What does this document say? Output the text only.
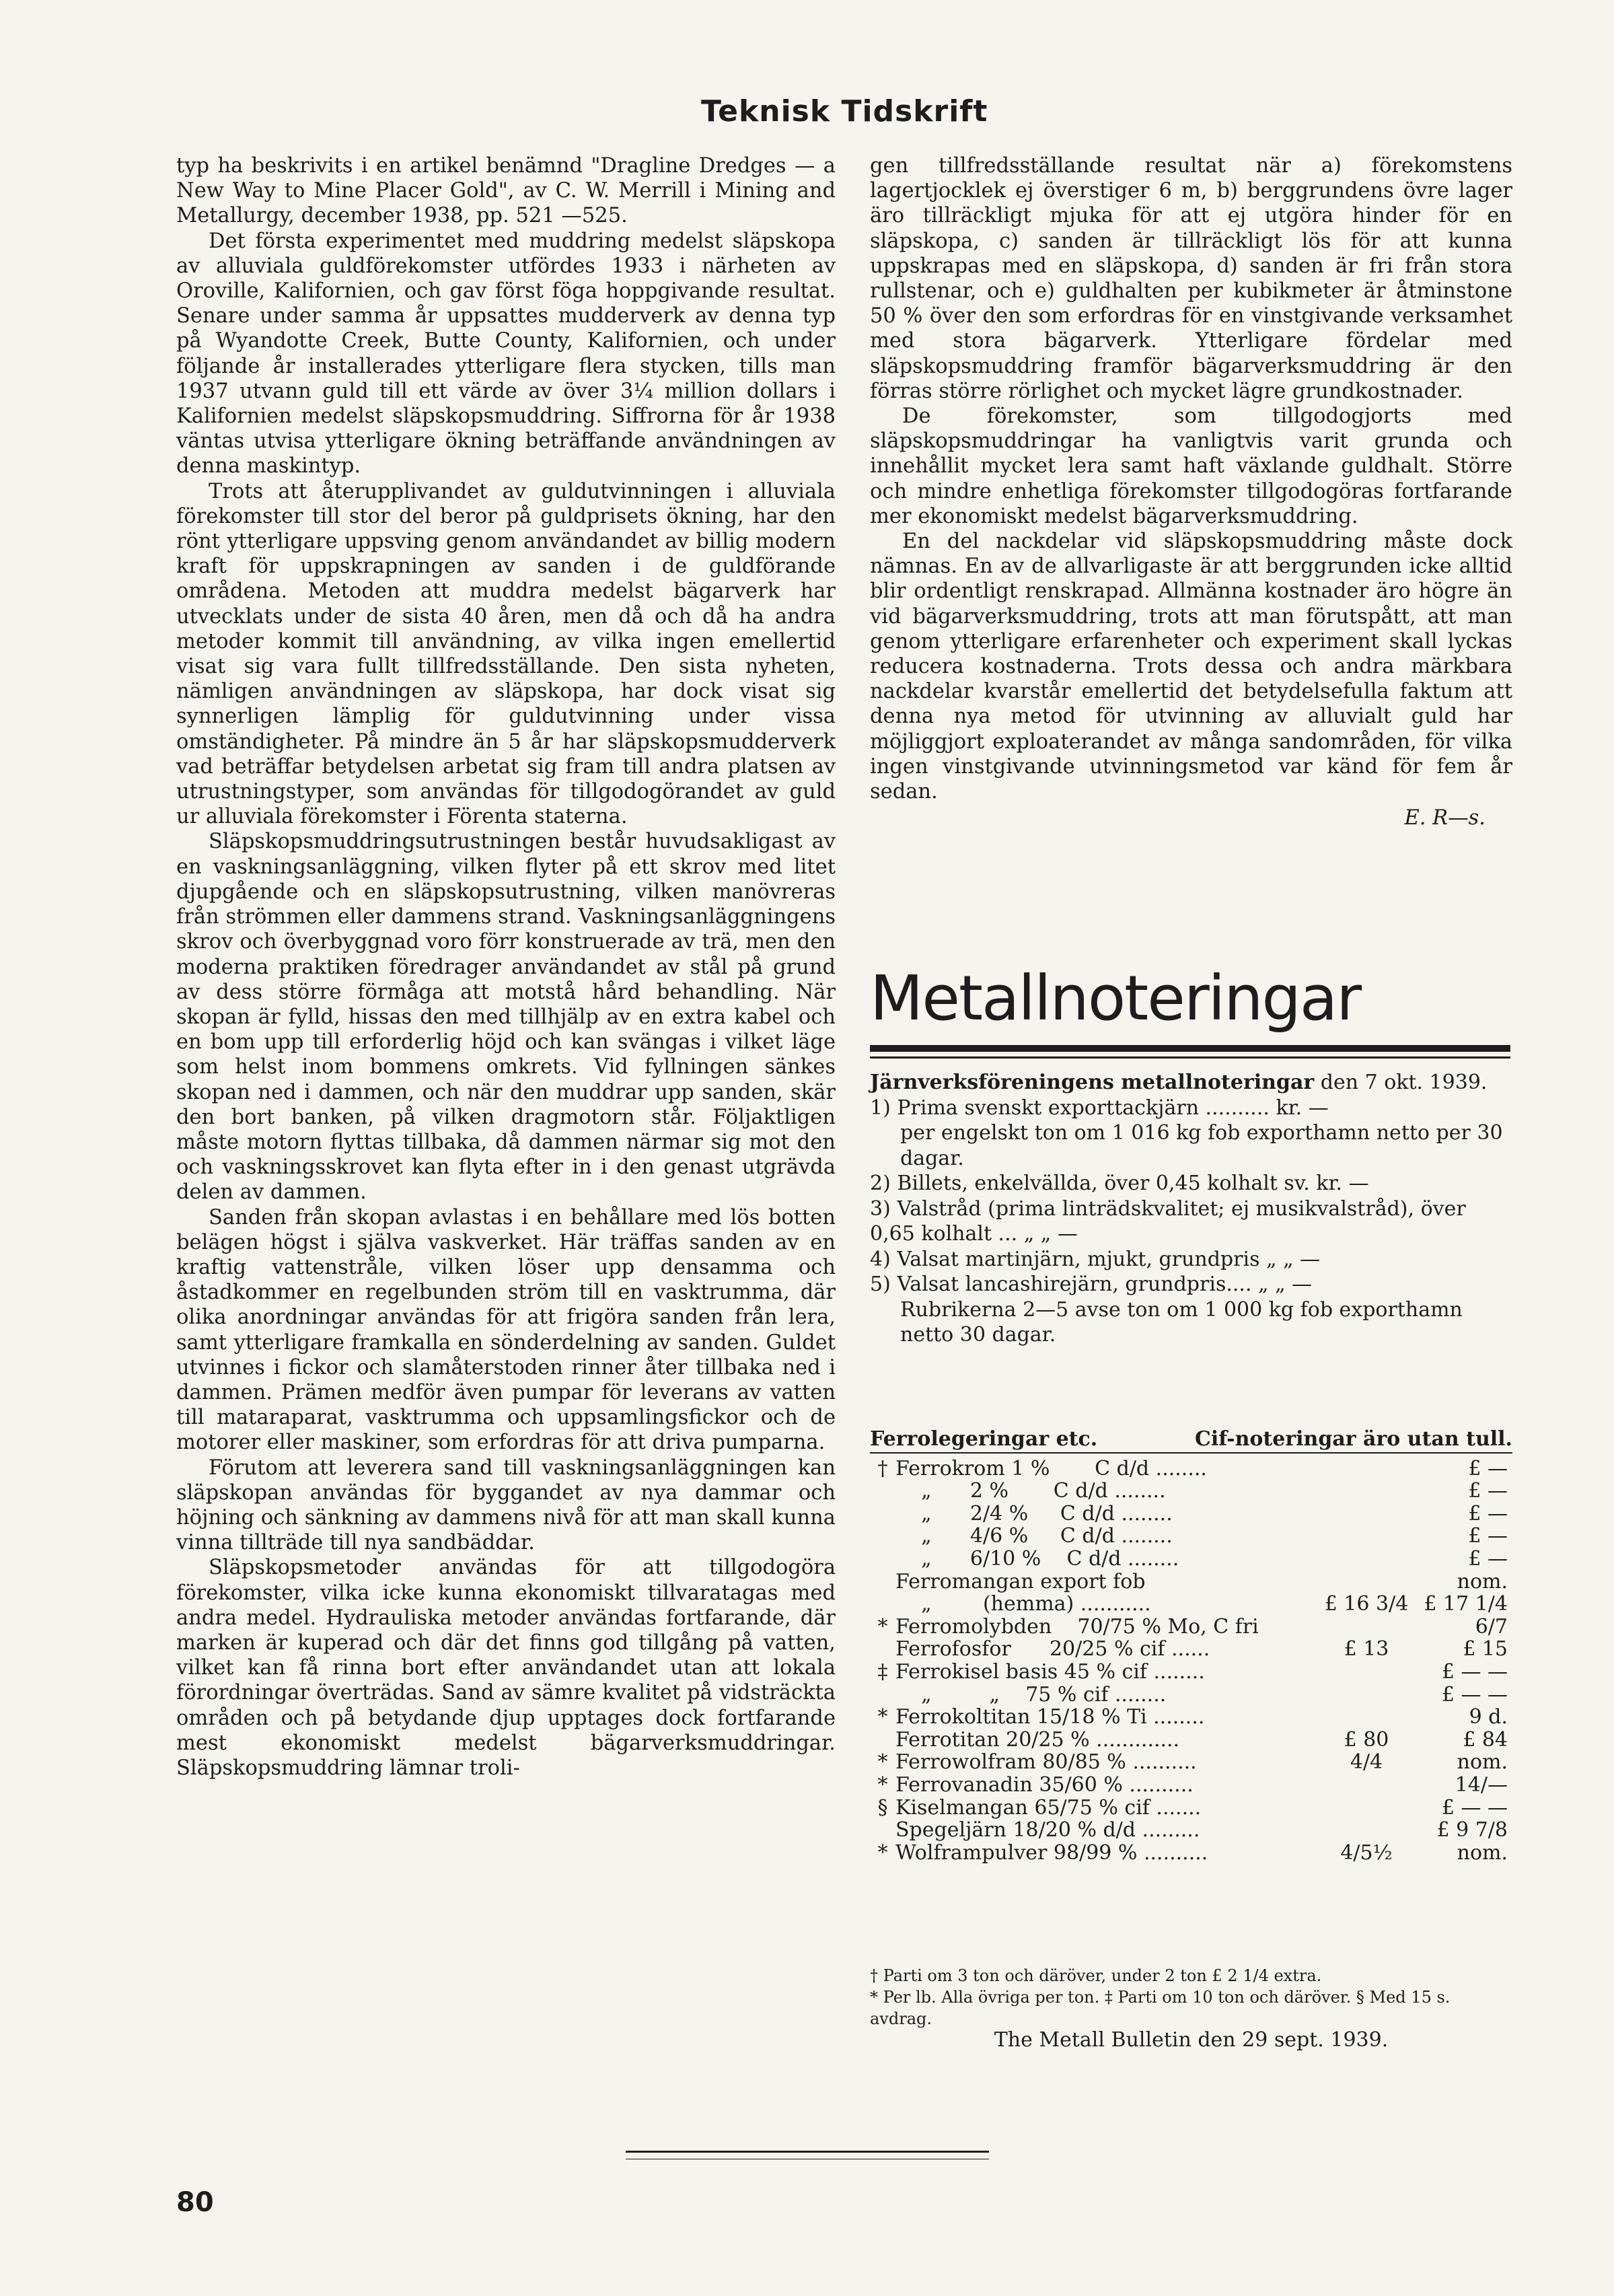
Teknisk Tidskrift

typ ha beskrivits i en artikel benämnd "Dragline Dredges — a New Way to Mine Placer Gold", av C. W. Merrill i Mining and Metallurgy, december 1938, pp. 521 —525.

Det första experimentet med muddring medelst släpskopa av alluviala guldförekomster utfördes 1933 i närheten av Oroville, Kalifornien, och gav först föga hoppgivande resultat. Senare under samma år uppsattes mudderverk av denna typ på Wyandotte Creek, Butte County, Kalifornien, och under följande år installerades ytterligare flera stycken, tills man 1937 utvann guld till ett värde av över 3¼ million dollars i Kalifornien medelst släpskopsmuddring. Siffrorna för år 1938 väntas utvisa ytterligare ökning beträffande användningen av denna maskintyp.

Trots att återupplivandet av guldutvinningen i alluviala förekomster till stor del beror på guldprisets ökning, har den rönt ytterligare uppsving genom användandet av billig modern kraft för uppskrapningen av sanden i de guldförande områdena. Metoden att muddra medelst bägarverk har utvecklats under de sista 40 åren, men då och då ha andra metoder kommit till användning, av vilka ingen emellertid visat sig vara fullt tillfredsställande. Den sista nyheten, nämligen användningen av släpskopa, har dock visat sig synnerligen lämplig för guldutvinning under vissa omständigheter. På mindre än 5 år har släpskopsmudderverk vad beträffar betydelsen arbetat sig fram till andra platsen av utrustningstyper, som användas för tillgodogörandet av guld ur alluviala förekomster i Förenta staterna.

Släpskopsmuddringsutrustningen består huvudsakligast av en vaskningsanläggning, vilken flyter på ett skrov med litet djupgående och en släpskopsutrustning, vilken manövreras från strömmen eller dammens strand. Vaskningsanläggningens skrov och överbyggnad voro förr konstruerade av trä, men den moderna praktiken föredrager användandet av stål på grund av dess större förmåga att motstå hård behandling. När skopan är fylld, hissas den med tillhjälp av en extra kabel och en bom upp till erforderlig höjd och kan svängas i vilket läge som helst inom bommens omkrets. Vid fyllningen sänkes skopan ned i dammen, och när den muddrar upp sanden, skär den bort banken, på vilken dragmotorn står. Följaktligen måste motorn flyttas tillbaka, då dammen närmar sig mot den och vaskningsskrovet kan flyta efter in i den genast utgrävda delen av dammen.

Sanden från skopan avlastas i en behållare med lös botten belägen högst i själva vaskverket. Här träffas sanden av en kraftig vattenstråle, vilken löser upp densamma och åstadkommer en regelbunden ström till en vasktrumma, där olika anordningar användas för att frigöra sanden från lera, samt ytterligare framkalla en sönderdelning av sanden. Guldet utvinnes i fickor och slamåterstoden rinner åter tillbaka ned i dammen. Prämen medför även pumpar för leverans av vatten till mataraparat, vasktrumma och uppsamlingsfickor och de motorer eller maskiner, som erfordras för att driva pumparna.

Förutom att leverera sand till vaskningsanläggningen kan släpskopan användas för byggandet av nya dammar och höjning och sänkning av dammens nivå för att man skall kunna vinna tillträde till nya sandbäddar.

Släpskopsmetoder användas för att tillgodogöra förekomster, vilka icke kunna ekonomiskt tillvaratagas med andra medel. Hydrauliska metoder användas fortfarande, där marken är kuperad och där det finns god tillgång på vatten, vilket kan få rinna bort efter användandet utan att lokala förordningar överträdas. Sand av sämre kvalitet på vidsträckta områden och på betydande djup upptages dock fortfarande mest ekonomiskt medelst bägarverksmuddringar. Släpskopsmuddring lämnar troli-

gen tillfredsställande resultat när a) förekomstens lagertjocklek ej överstiger 6 m, b) berggrundens övre lager äro tillräckligt mjuka för att ej utgöra hinder för en släpskopa, c) sanden är tillräckligt lös för att kunna uppskrapas med en släpskopa, d) sanden är fri från stora rullstenar, och e) guldhalten per kubikmeter är åtminstone 50 % över den som erfordras för en vinstgivande verksamhet med stora bägarverk. Ytterligare fördelar med släpskopsmuddring framför bägarverksmuddring är den förras större rörlighet och mycket lägre grundkostnader.

De förekomster, som tillgodogjorts med släpskopsmuddringar ha vanligtvis varit grunda och innehållit mycket lera samt haft växlande guldhalt. Större och mindre enhetliga förekomster tillgodogöras fortfarande mer ekonomiskt medelst bägarverksmuddring.

En del nackdelar vid släpskopsmuddring måste dock nämnas. En av de allvarligaste är att berggrunden icke alltid blir ordentligt renskrapad. Allmänna kostnader äro högre än vid bägarverksmuddring, trots att man förutspått, att man genom ytterligare erfarenheter och experiment skall lyckas reducera kostnaderna. Trots dessa och andra märkbara nackdelar kvarstår emellertid det betydelsefulla faktum att denna nya metod för utvinning av alluvialt guld har möjliggjort exploaterandet av många sandområden, för vilka ingen vinstgivande utvinningsmetod var känd för fem år sedan.

E. R—s.
Metallnoteringar

Järnverksföreningens metallnoteringar den 7 okt. 1939.

1) Prima svenskt exporttackjärn .......... kr. —

per engelskt ton om 1 016 kg fob exporthamn netto per 30 dagar.

2) Billets, enkelvällda, över 0,45 kolhalt sv. kr. —

3) Valstråd (prima linträdskvalitet; ej musikvalstråd), över 0,65 kolhalt ... „ „ —

4) Valsat martinjärn, mjukt, grundpris „ „ —

5) Valsat lancashirejärn, grundpris.... „ „ —

Rubrikerna 2—5 avse ton om 1 000 kg fob exporthamn netto 30 dagar.

Ferrolegeringar etc.	Cif-noteringar äro utan tull.
† Ferrokrom 1 %       C d/d ........	£ —
„      2 %       C d/d ........	£ —
„      2/4 %     C d/d ........	£ —
„      4/6 %     C d/d ........	£ —
„      6/10 %    C d/d ........	£ —
Ferromangan export fob	nom.
„        (hemma) ...........	£ 16 3/4 £ 17 1/4
* Ferromolybden    70/75 % Mo, C fri	6/7
Ferrofosfor      20/25 % cif ......	£ 13	£ 15
‡ Ferrokisel basis 45 % cif ........	£ — —
„         „    75 % cif ........	£ — —
* Ferrokoltitan 15/18 % Ti ........	9 d.
Ferrotitan 20/25 % .............	£ 80	£ 84
* Ferrowolfram 80/85 % ..........	4/4	nom.
* Ferrovanadin 35/60 % ..........	14/—
§ Kiselmangan 65/75 % cif .......	£ — —
Spegeljärn 18/20 % d/d .........	£ 9 7/8
* Wolframpulver 98/99 % ..........	4/5½	nom.

† Parti om 3 ton och däröver, under 2 ton £ 2 1/4 extra.

* Per lb. Alla övriga per ton. ‡ Parti om 10 ton och däröver. § Med 15 s. avdrag.

The Metall Bulletin den 29 sept. 1939.

80
